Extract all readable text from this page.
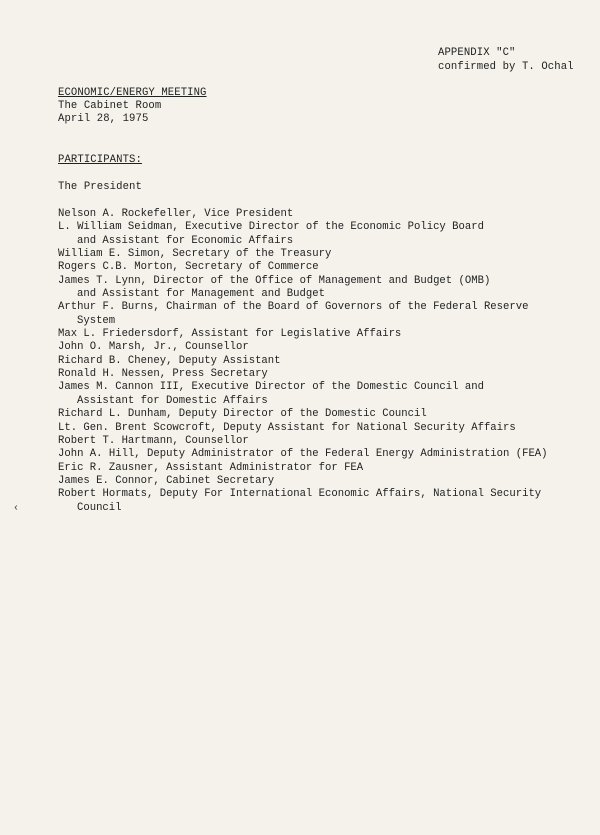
APPENDIX "C"
confirmed by T. Ochal
ECONOMIC/ENERGY MEETING
The Cabinet Room
April 28, 1975
PARTICIPANTS:
The President
Nelson A. Rockefeller, Vice President
L. William Seidman, Executive Director of the Economic Policy Board
and Assistant for Economic Affairs
William E. Simon, Secretary of the Treasury
Rogers C.B. Morton, Secretary of Commerce
James T. Lynn, Director of the Office of Management and Budget (OMB)
and Assistant for Management and Budget
Arthur F. Burns, Chairman of the Board of Governors of the Federal Reserve
System
Max L. Friedersdorf, Assistant for Legislative Affairs
John O. Marsh, Jr., Counsellor
Richard B. Cheney, Deputy Assistant
Ronald H. Nessen, Press Secretary
James M. Cannon III, Executive Director of the Domestic Council and
Assistant for Domestic Affairs
Richard L. Dunham, Deputy Director of the Domestic Council
Lt. Gen. Brent Scowcroft, Deputy Assistant for National Security Affairs
Robert T. Hartmann, Counsellor
John A. Hill, Deputy Administrator of the Federal Energy Administration (FEA)
Eric R. Zausner, Assistant Administrator for FEA
James E. Connor, Cabinet Secretary
Robert Hormats, Deputy For International Economic Affairs, National Security
Council
‹
